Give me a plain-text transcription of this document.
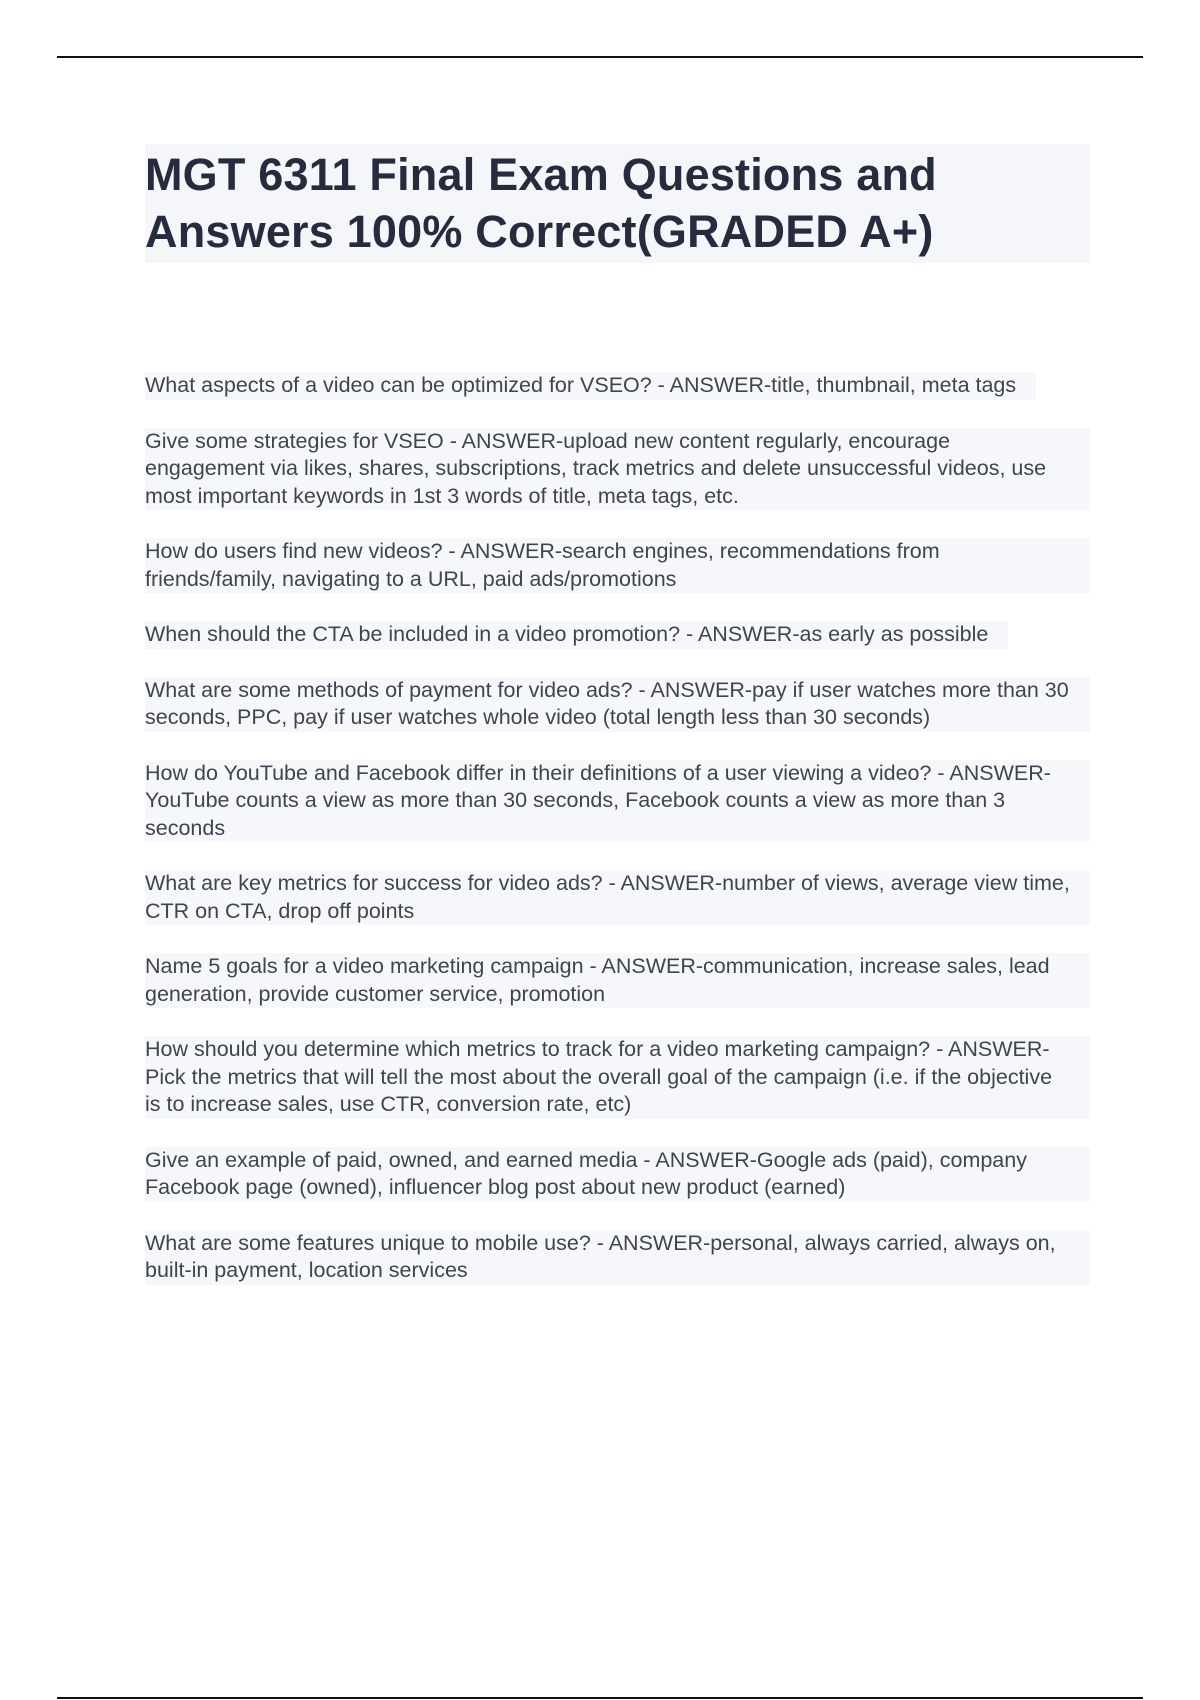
MGT 6311 Final Exam Questions and Answers 100% Correct(GRADED A+)

What aspects of a video can be optimized for VSEO? - ANSWER-title, thumbnail, meta tags

Give some strategies for VSEO - ANSWER-upload new content regularly, encourage engagement via likes, shares, subscriptions, track metrics and delete unsuccessful videos, use most important keywords in 1st 3 words of title, meta tags, etc.

How do users find new videos? - ANSWER-search engines, recommendations from friends/family, navigating to a URL, paid ads/promotions

When should the CTA be included in a video promotion? - ANSWER-as early as possible

What are some methods of payment for video ads? - ANSWER-pay if user watches more than 30 seconds, PPC, pay if user watches whole video (total length less than 30 seconds)

How do YouTube and Facebook differ in their definitions of a user viewing a video? - ANSWER-YouTube counts a view as more than 30 seconds, Facebook counts a view as more than 3 seconds

What are key metrics for success for video ads? - ANSWER-number of views, average view time, CTR on CTA, drop off points

Name 5 goals for a video marketing campaign - ANSWER-communication, increase sales, lead generation, provide customer service, promotion

How should you determine which metrics to track for a video marketing campaign? - ANSWER-Pick the metrics that will tell the most about the overall goal of the campaign (i.e. if the objective is to increase sales, use CTR, conversion rate, etc)

Give an example of paid, owned, and earned media - ANSWER-Google ads (paid), company Facebook page (owned), influencer blog post about new product (earned)

What are some features unique to mobile use? - ANSWER-personal, always carried, always on, built-in payment, location services
